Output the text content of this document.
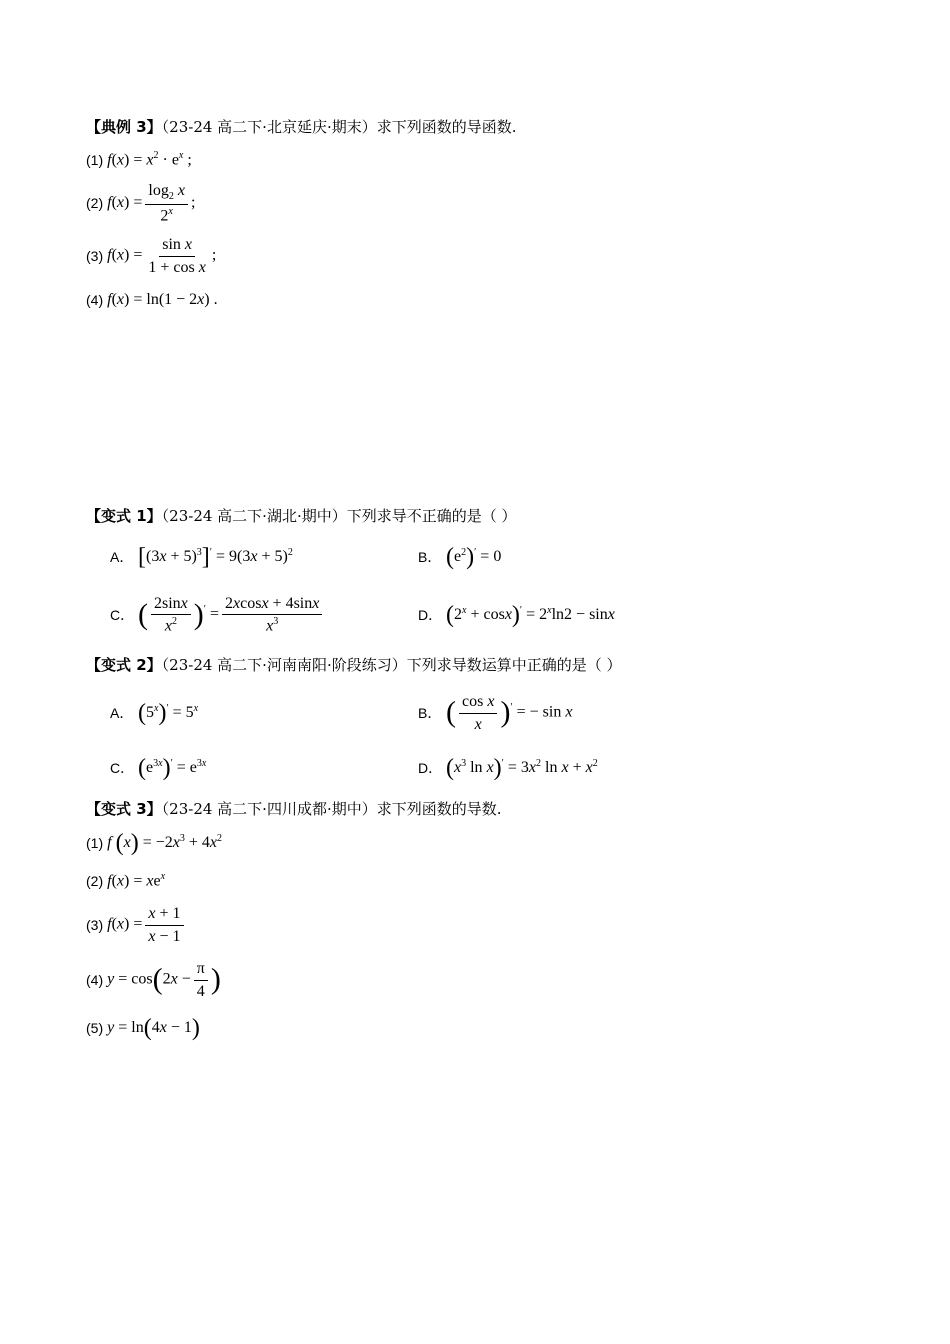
【典例 3】（23-24 高二下·北京延庆·期末）求下列函数的导函数.
(1) $f(x) = x^2 \cdot e^x$ ;
(2) $f(x) = \frac{\log_2 x}{2^x}$ ;
(3) $f(x) = \frac{\text{sin x}}{\text{1 + cos x}}$ ;
(4) f(x) = ln(1 − 2x) .
【变式 1】（23-24 高二下·湖北·期中）下列求导不正确的是（ ）
A． $[(3x + 5)^3]' = 9(3x + 5)^2$	B． $(e^2)' = 0$
C． ( $\frac{2\sin x}{x^2} )' = \frac{2xcosx + 4\sin x}{x^3}$	D． $(2^x + \cos x)' = 2^x\ln 2 - \sin x$
【变式 2】（23-24 高二下·河南南阳·阶段练习）下列求导数运算中正确的是（ ）
A． $(5^x)' = 5^x$	B． ( $\frac{\text{cos x}}{x} )'$ = − sin x
C． $(e^{3x})' = e^{3x}$	D． ($x^3$ $\ln x)' = 3x^2$ $\ln x + x^2$
【变式 3】（23-24 高二下·四川成都·期中）求下列函数的导数.
(1) f $(x) = -2x^3 + 4x^2$
(2) $f(x) = xe^x$
(3) $f(x) = \frac{x + 1}{x - 1}$
(4) $y = \cos(2x - \frac{\pi}{4}$ )
(5) y = ln(4x − 1)
